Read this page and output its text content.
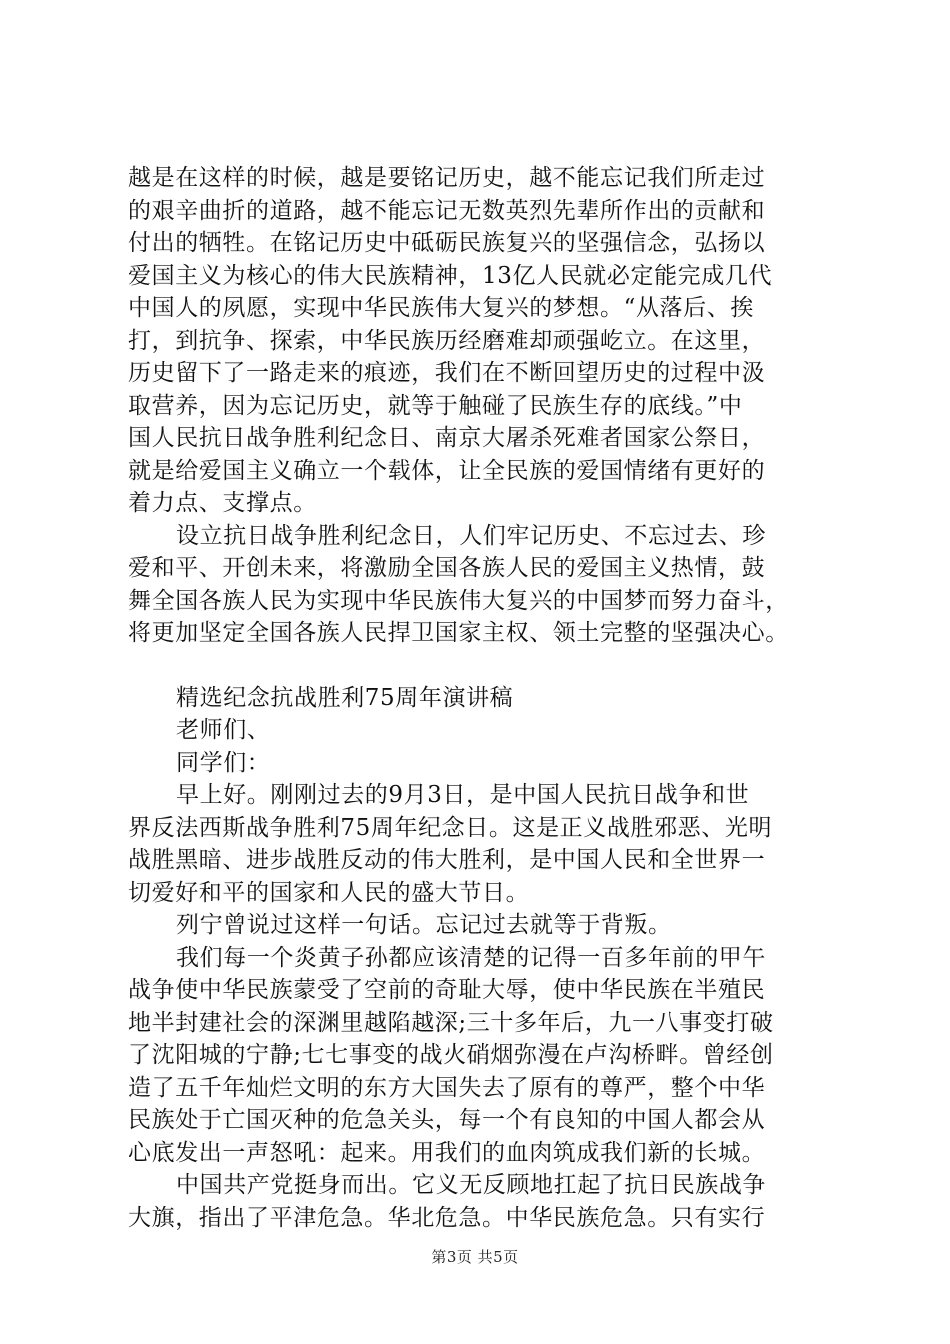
越是在这样的时候，越是要铭记历史，越不能忘记我们所走过
的艰辛曲折的道路，越不能忘记无数英烈先辈所作出的贡献和
付出的牺牲。在铭记历史中砥砺民族复兴的坚强信念，弘扬以
爱国主义为核心的伟大民族精神，13亿人民就必定能完成几代
中国人的夙愿，实现中华民族伟大复兴的梦想。“从落后、挨
打，到抗争、探索，中华民族历经磨难却顽强屹立。在这里，
历史留下了一路走来的痕迹，我们在不断回望历史的过程中汲
取营养，因为忘记历史，就等于触碰了民族生存的底线。”中
国人民抗日战争胜利纪念日、南京大屠杀死难者国家公祭日，
就是给爱国主义确立一个载体，让全民族的爱国情绪有更好的
着力点、支撑点。
设立抗日战争胜利纪念日，人们牢记历史、不忘过去、珍
爱和平、开创未来，将激励全国各族人民的爱国主义热情，鼓
舞全国各族人民为实现中华民族伟大复兴的中国梦而努力奋斗，
将更加坚定全国各族人民捍卫国家主权、领土完整的坚强决心。
精选纪念抗战胜利75周年演讲稿
老师们、
同学们：
早上好。刚刚过去的9月3日，是中国人民抗日战争和世
界反法西斯战争胜利75周年纪念日。这是正义战胜邪恶、光明
战胜黑暗、进步战胜反动的伟大胜利，是中国人民和全世界一
切爱好和平的国家和人民的盛大节日。
列宁曾说过这样一句话。忘记过去就等于背叛。
我们每一个炎黄子孙都应该清楚的记得一百多年前的甲午
战争使中华民族蒙受了空前的奇耻大辱，使中华民族在半殖民
地半封建社会的深渊里越陷越深;三十多年后，九一八事变打破
了沈阳城的宁静;七七事变的战火硝烟弥漫在卢沟桥畔。曾经创
造了五千年灿烂文明的东方大国失去了原有的尊严，整个中华
民族处于亡国灭种的危急关头，每一个有良知的中国人都会从
心底发出一声怒吼：起来。用我们的血肉筑成我们新的长城。
中国共产党挺身而出。它义无反顾地扛起了抗日民族战争
大旗，指出了平津危急。华北危急。中华民族危急。只有实行
第3页 共5页
